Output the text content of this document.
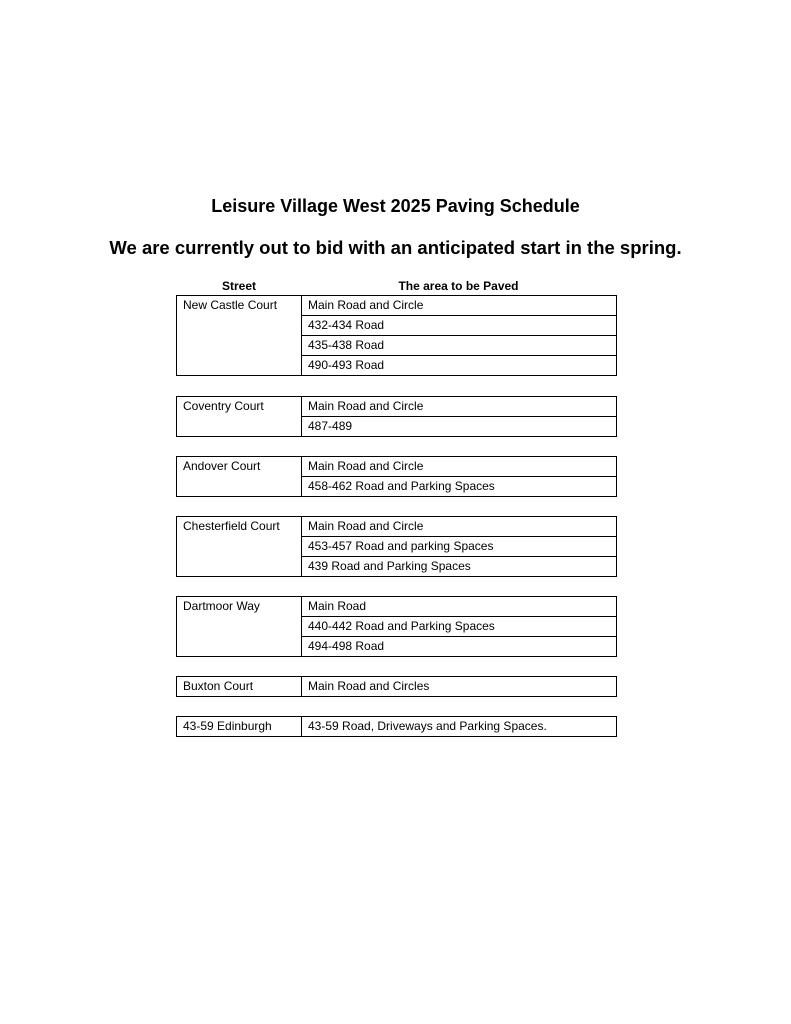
Leisure Village West 2025 Paving Schedule
We are currently out to bid with an anticipated start in the spring.
Street	The area to be Paved
New Castle Court	Main Road and Circle
432-434 Road
435-438 Road
490-493 Road
Coventry Court	Main Road and Circle
487-489
Andover Court	Main Road and Circle
458-462 Road and Parking Spaces
Chesterfield Court	Main Road and Circle
453-457 Road and parking Spaces
439 Road and Parking Spaces
Dartmoor Way	Main Road
440-442 Road and Parking Spaces
494-498 Road
Buxton Court	Main Road and Circles
43-59 Edinburgh	43-59 Road, Driveways and Parking Spaces.
